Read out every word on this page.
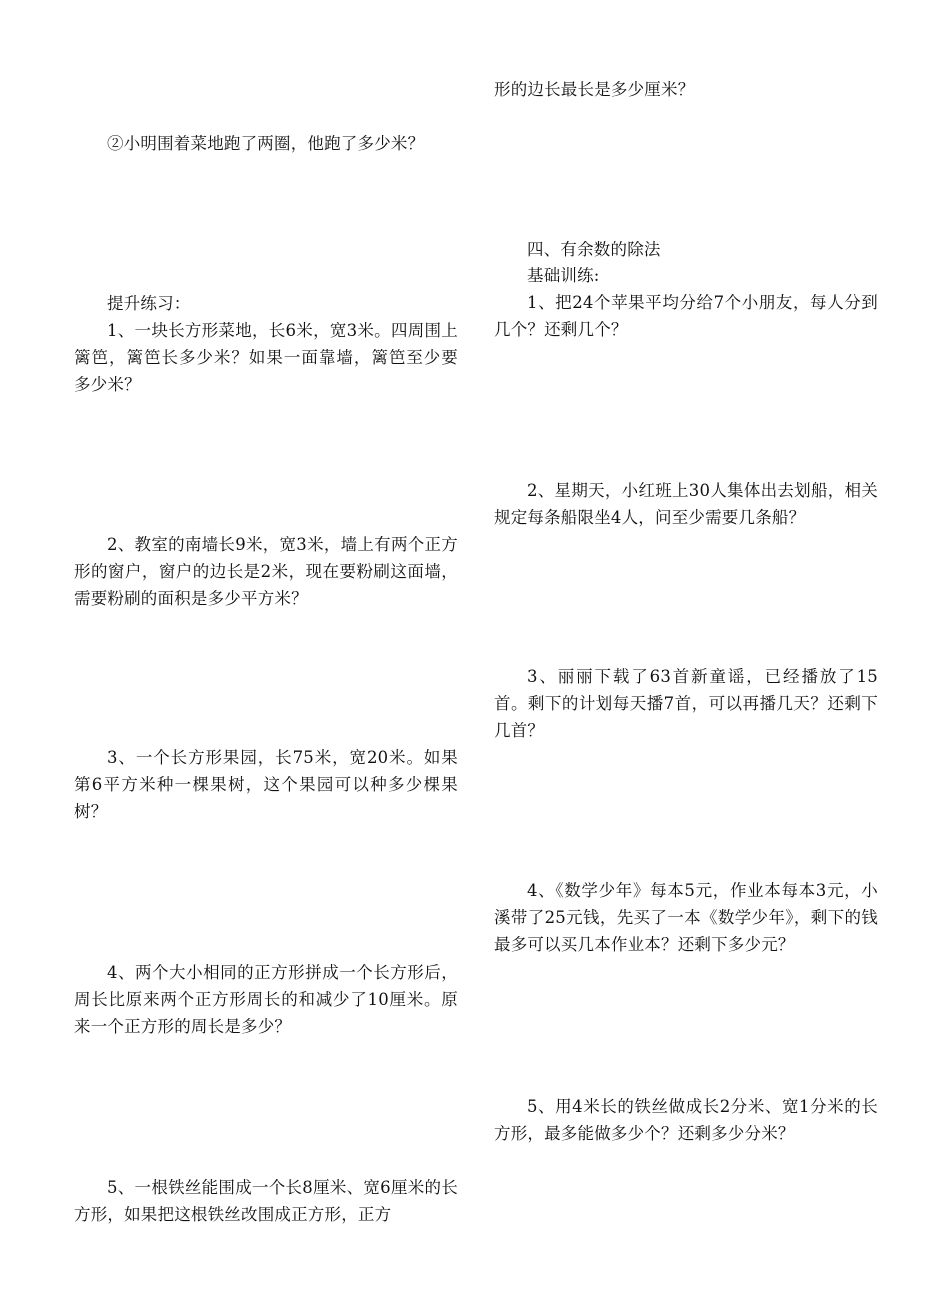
②小明围着菜地跑了两圈，他跑了多少米？

提升练习：

1、一块长方形菜地，长6米，宽3米。四周围上篱笆，篱笆长多少米？如果一面靠墙，篱笆至少要多少米？

2、教室的南墙长9米，宽3米，墙上有两个正方形的窗户，窗户的边长是2米，现在要粉刷这面墙，需要粉刷的面积是多少平方米？

3、一个长方形果园，长75米，宽20米。如果第6平方米种一棵果树，这个果园可以种多少棵果树？

4、两个大小相同的正方形拼成一个长方形后，周长比原来两个正方形周长的和减少了10厘米。原来一个正方形的周长是多少？

5、一根铁丝能围成一个长8厘米、宽6厘米的长方形，如果把这根铁丝改围成正方形，正方

形的边长最长是多少厘米？

四、有余数的除法

基础训练:

1、把24个苹果平均分给7个小朋友，每人分到几个？还剩几个？

2、星期天，小红班上30人集体出去划船，相关规定每条船限坐4人，问至少需要几条船？

3、丽丽下载了63首新童谣，已经播放了15首。剩下的计划每天播7首，可以再播几天？还剩下几首？

4、《数学少年》每本5元，作业本每本3元，小溪带了25元钱，先买了一本《数学少年》，剩下的钱最多可以买几本作业本？还剩下多少元？

5、用4米长的铁丝做成长2分米、宽1分米的长方形，最多能做多少个？还剩多少分米？
